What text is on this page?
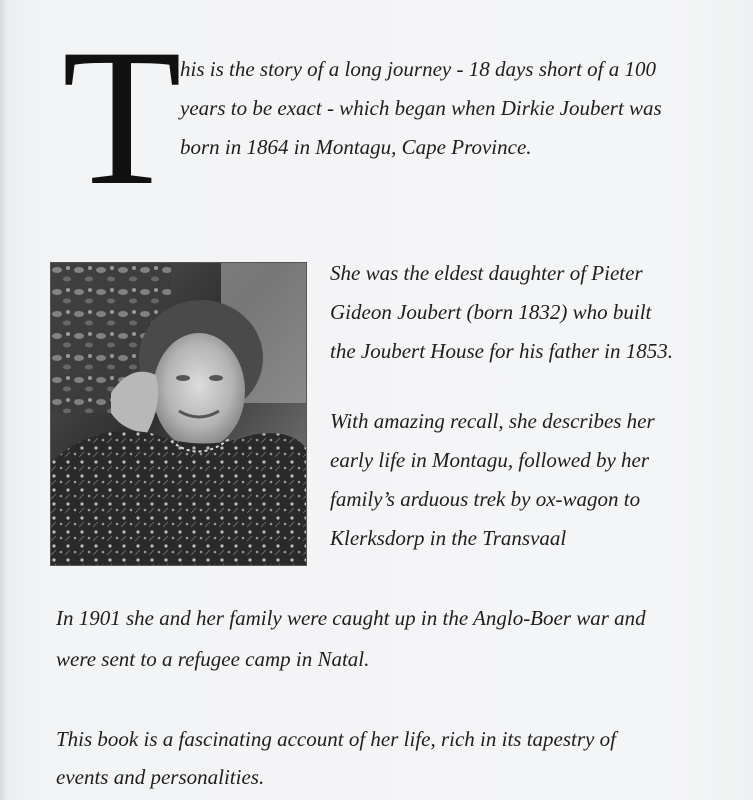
T his is the story of a long journey - 18 days short of a 100
years to be exact - which began when Dirkie Joubert was
born in 1864 in Montagu, Cape Province.
She was the eldest daughter of Pieter
Gideon Joubert (born 1832) who built
the Joubert House for his father in 1853.
With amazing recall, she describes her
early life in Montagu, followed by her
family’s arduous trek by ox-wagon to
Klerksdorp in the Transvaal
In 1901 she and her family were caught up in the Anglo-Boer war and
were sent to a refugee camp in Natal.
This book is a fascinating account of her life, rich in its tapestry of
events and personalities.
